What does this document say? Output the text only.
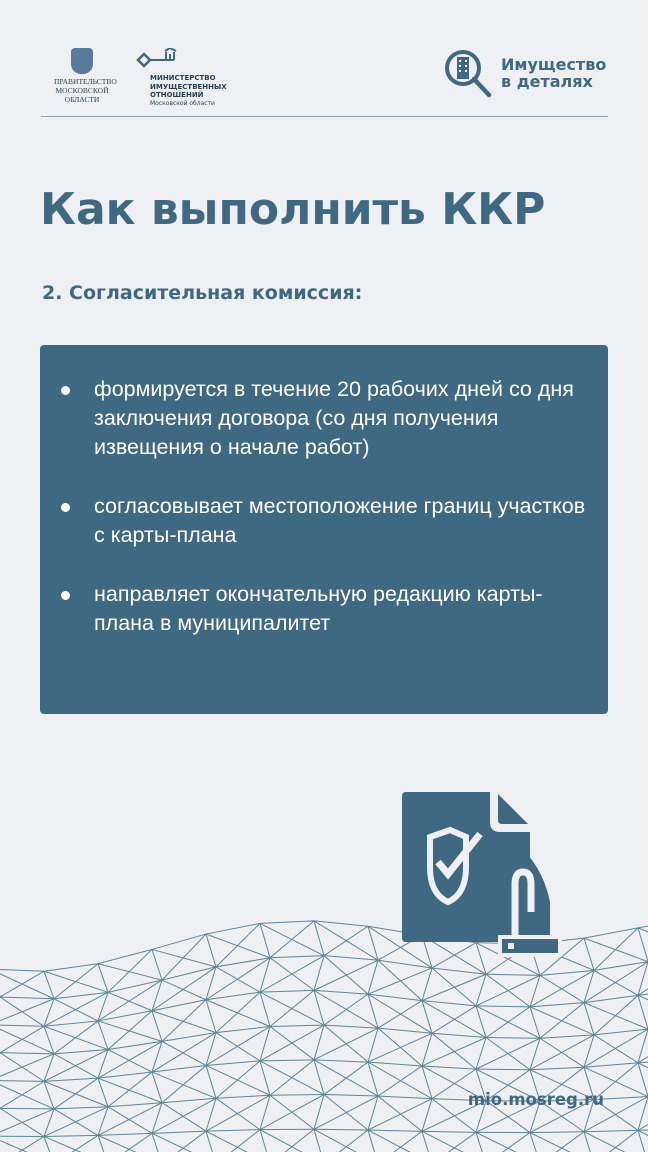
ПРАВИТЕЛЬСТВО
МОСКОВСКОЙ
ОБЛАСТИ
МИНИСТЕРСТВО
ИМУЩЕСТВЕННЫХ
ОТНОШЕНИЙ
Московской области
Имущество
в деталях
Как выполнить ККР
2. Согласительная комиссия:
формируется в течение 20 рабочих дней со дня заключения договора (со дня получения извещения о начале работ)
согласовывает местоположение границ участков с карты-плана
направляет окончательную редакцию карты-плана в муниципалитет
mio.mosreg.ru
